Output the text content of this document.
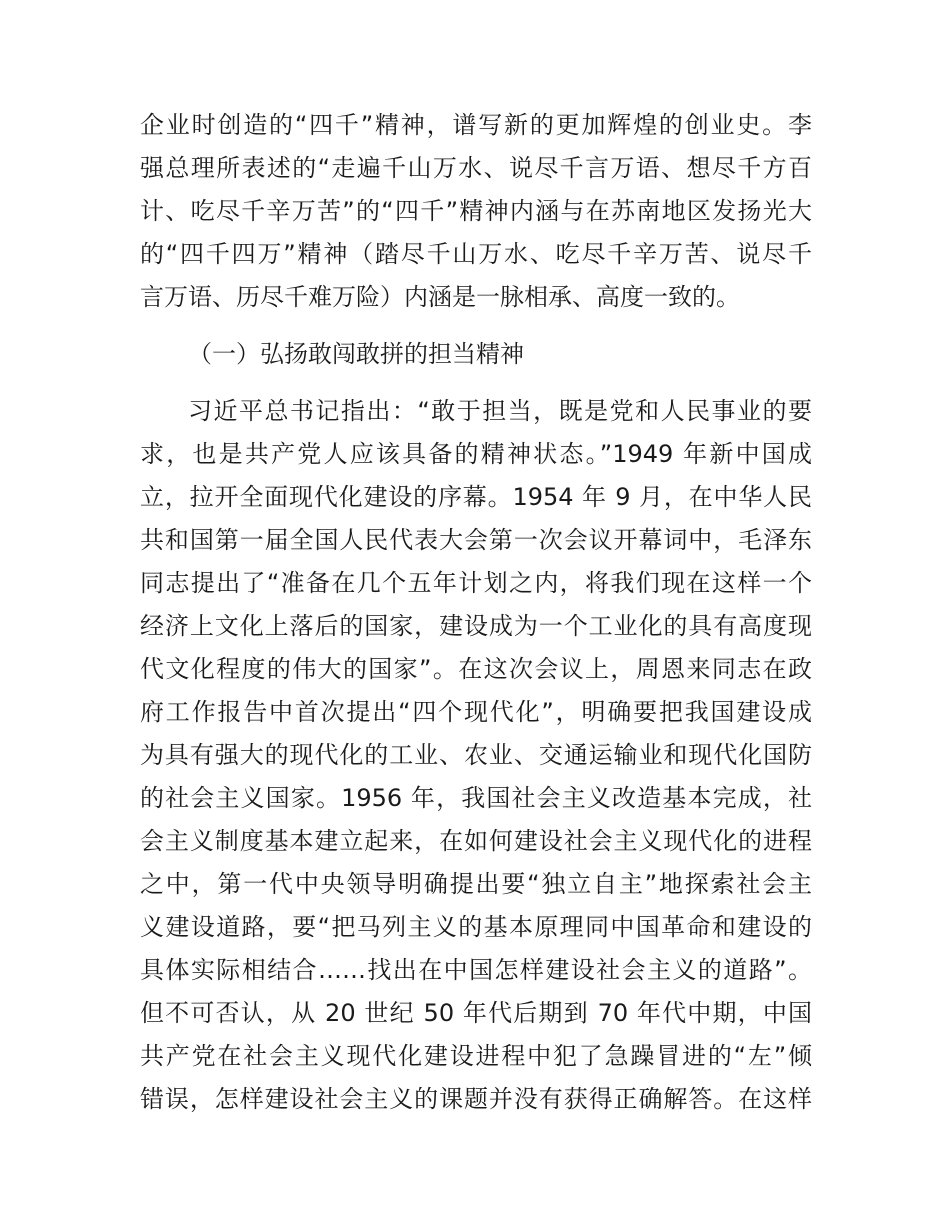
企业时创造的“四千”精神，谱写新的更加辉煌的创业史。李
强总理所表述的“走遍千山万水、说尽千言万语、想尽千方百
计、吃尽千辛万苦”的“四千”精神内涵与在苏南地区发扬光大
的“四千四万”精神（踏尽千山万水、吃尽千辛万苦、说尽千
言万语、历尽千难万险）内涵是一脉相承、高度一致的。
（一）弘扬敢闯敢拼的担当精神
习近平总书记指出：“敢于担当，既是党和人民事业的要
求，也是共产党人应该具备的精神状态。”1949 年新中国成
立，拉开全面现代化建设的序幕。1954 年 9 月，在中华人民
共和国第一届全国人民代表大会第一次会议开幕词中，毛泽东
同志提出了“准备在几个五年计划之内，将我们现在这样一个
经济上文化上落后的国家，建设成为一个工业化的具有高度现
代文化程度的伟大的国家”。在这次会议上，周恩来同志在政
府工作报告中首次提出“四个现代化”，明确要把我国建设成
为具有强大的现代化的工业、农业、交通运输业和现代化国防
的社会主义国家。1956 年，我国社会主义改造基本完成，社
会主义制度基本建立起来，在如何建设社会主义现代化的进程
之中，第一代中央领导明确提出要“独立自主”地探索社会主
义建设道路，要“把马列主义的基本原理同中国革命和建设的
具体实际相结合……找出在中国怎样建设社会主义的道路”。
但不可否认，从 20 世纪 50 年代后期到 70 年代中期，中国
共产党在社会主义现代化建设进程中犯了急躁冒进的“左”倾
错误，怎样建设社会主义的课题并没有获得正确解答。在这样
